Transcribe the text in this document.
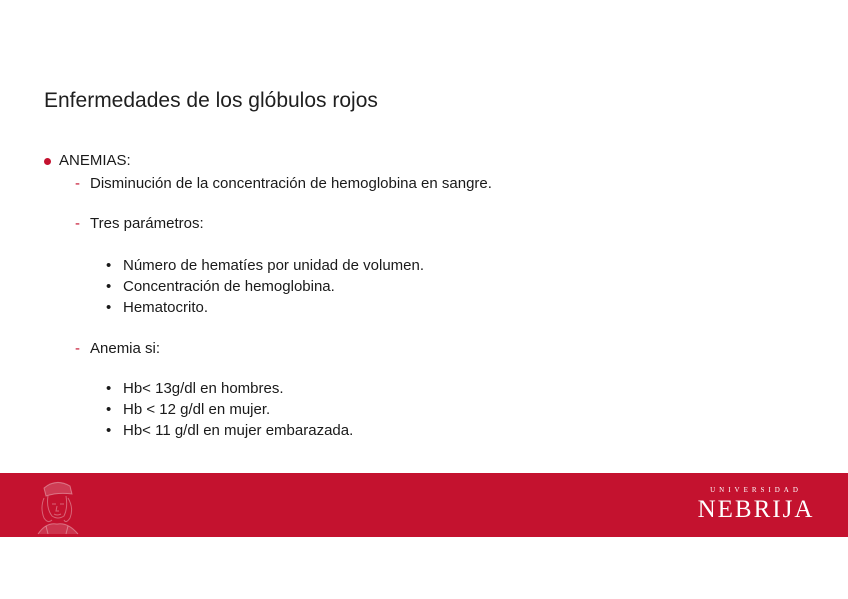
Enfermedades de los glóbulos rojos
ANEMIAS:
- Disminución de la concentración de hemoglobina en sangre.
- Tres parámetros:
• Número de hematíes por unidad de volumen.
• Concentración de hemoglobina.
• Hematocrito.
- Anemia si:
• Hb< 13g/dl en hombres.
• Hb < 12 g/dl en mujer.
• Hb< 11 g/dl en mujer embarazada.
UNIVERSIDAD
NEBRIJA
